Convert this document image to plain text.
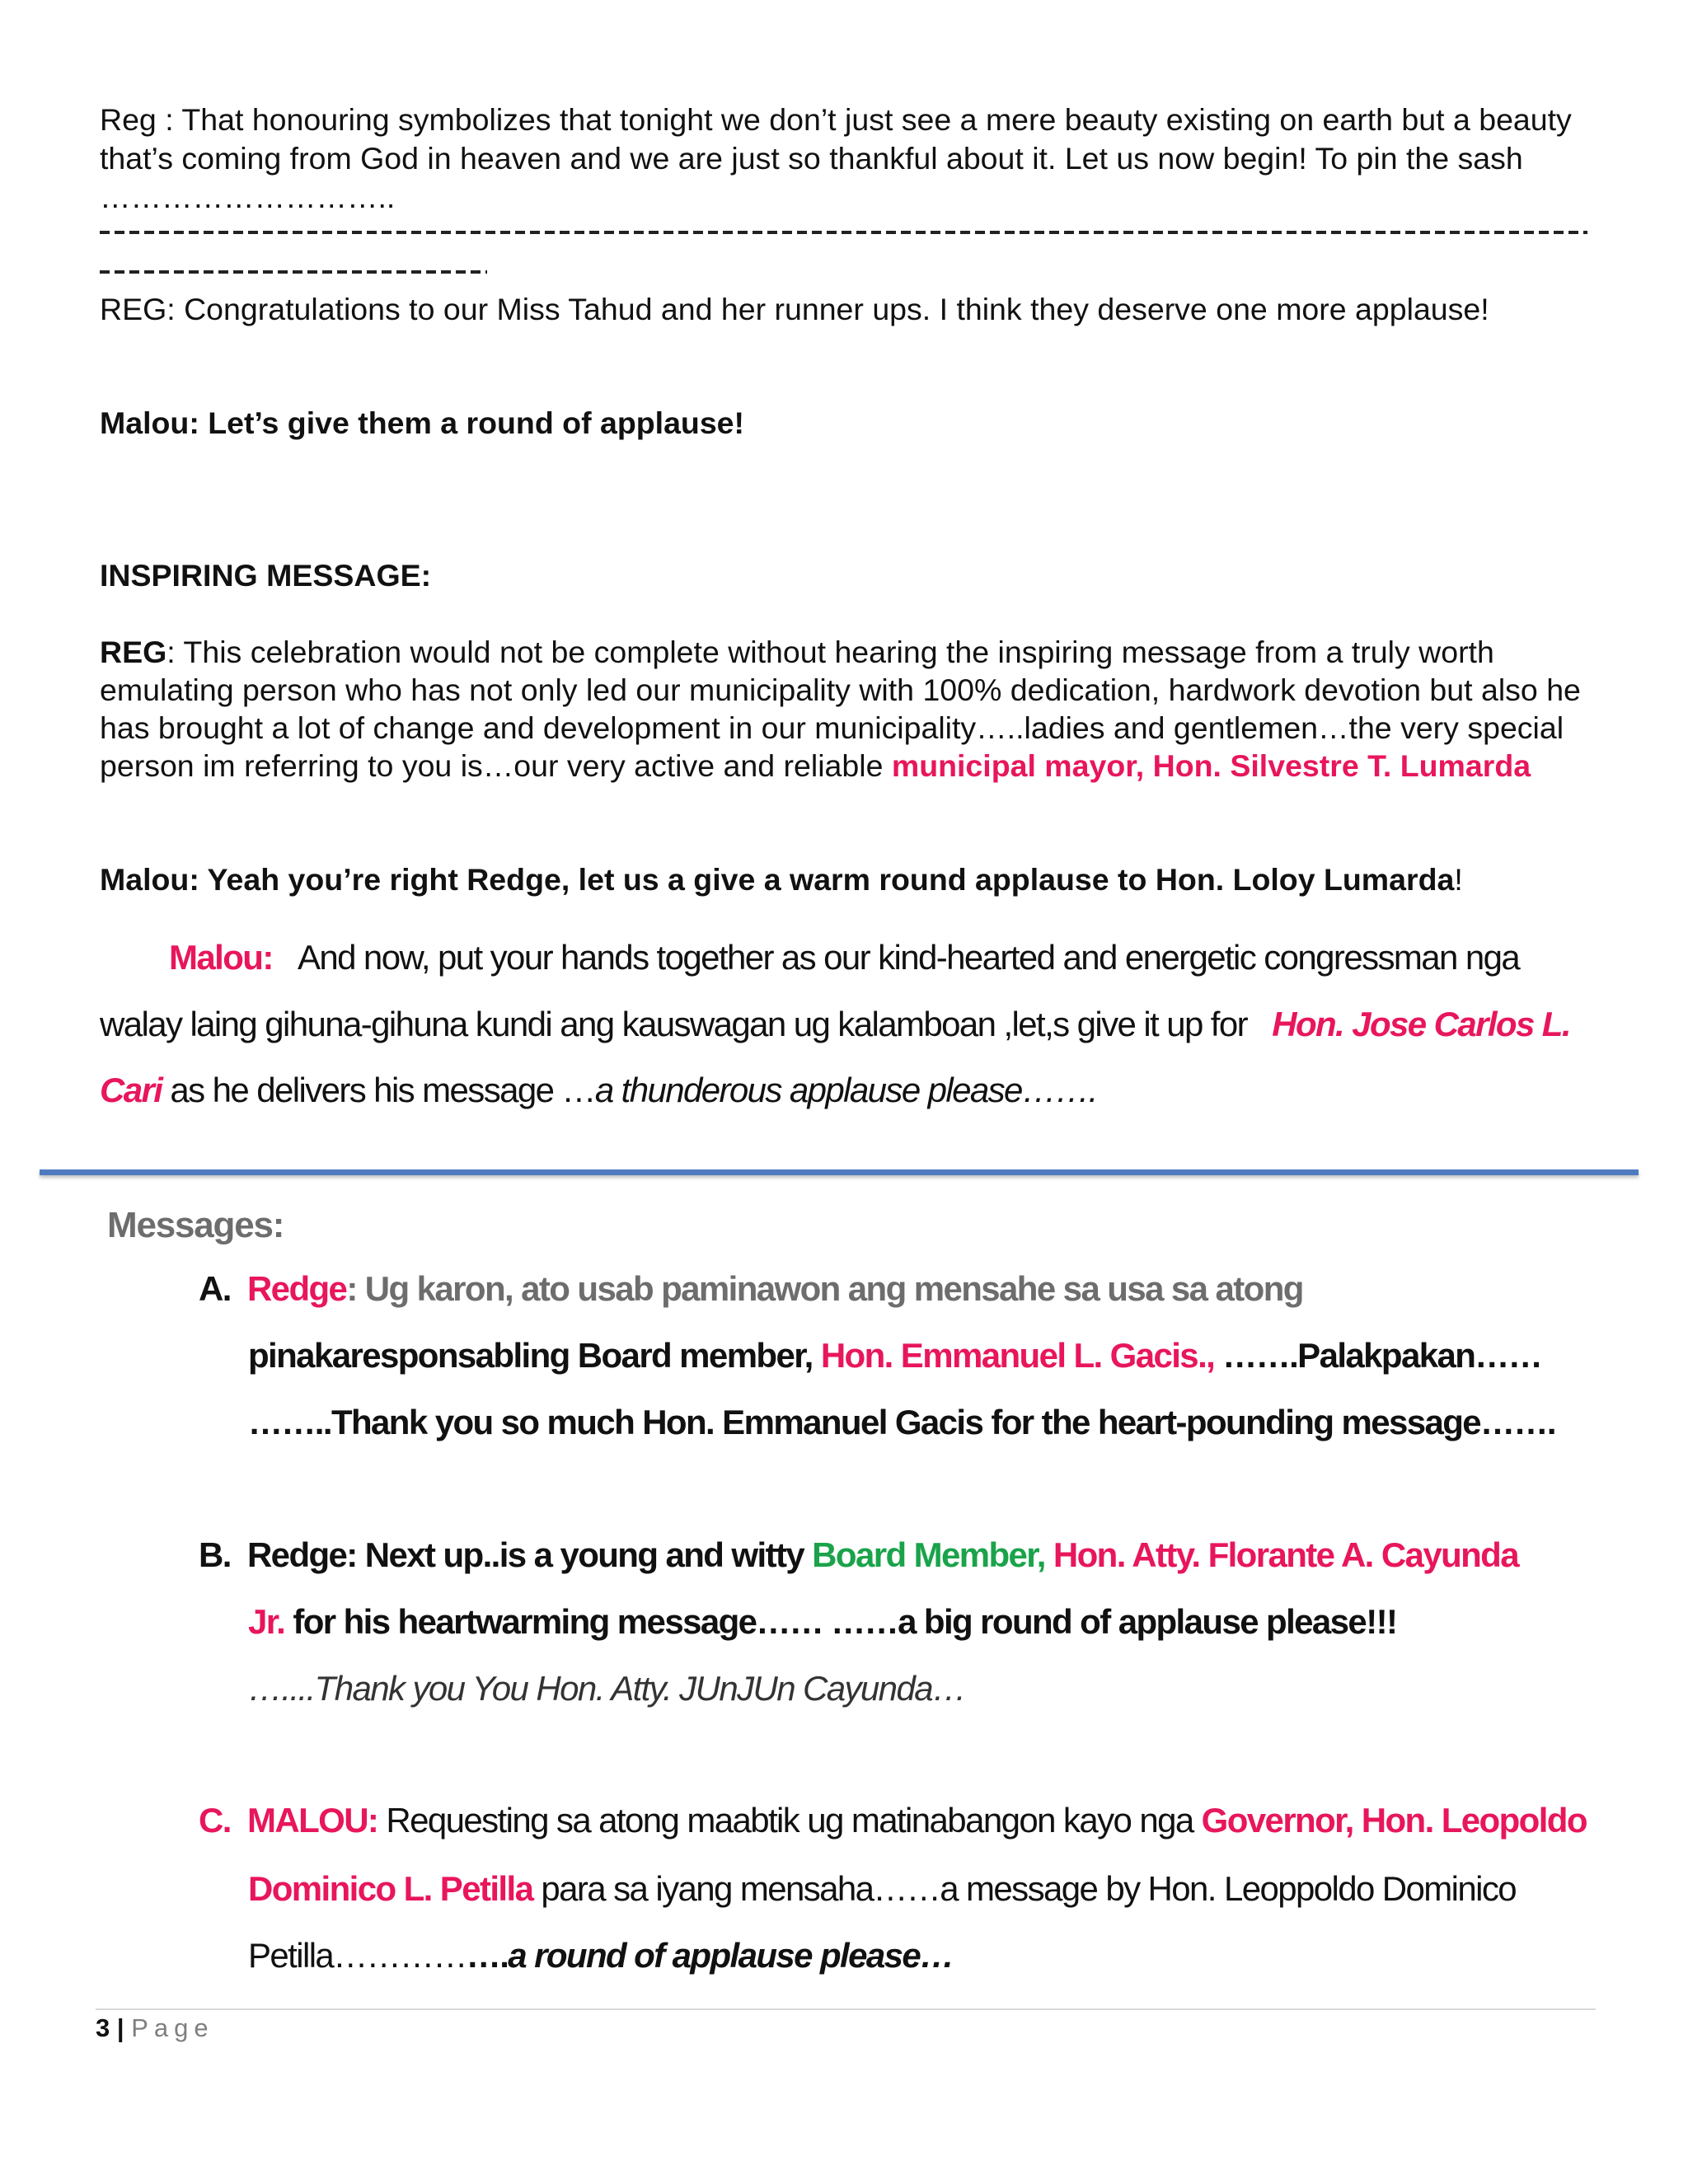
Reg : That honouring symbolizes that tonight we don’t just see a mere beauty existing on earth but a beauty that’s coming from God in heaven and we are just so thankful about it. Let us now begin! To pin the sash ………………………..

REG: Congratulations to our Miss Tahud and her runner ups. I think they deserve one more applause!

Malou: Let’s give them a round of applause!

INSPIRING MESSAGE:

REG: This celebration would not be complete without hearing the inspiring message from a truly worth emulating person who has not only led our municipality with 100% dedication, hardwork devotion but also he has brought a lot of change and development in our municipality…..ladies and gentlemen…the very special person im referring to you is…our very active and reliable municipal mayor, Hon. Silvestre T. Lumarda

Malou: Yeah you’re right Redge, let us a give a warm round applause to Hon. Loloy Lumarda!

Malou: And now, put your hands together as our kind-hearted and energetic congressman nga

walay laing gihuna-gihuna kundi ang kauswagan ug kalamboan ,let,s give it up for Hon. Jose Carlos L.

Cari as he delivers his message …a thunderous applause please…….

Messages:

A. Redge: Ug karon, ato usab paminawon ang mensahe sa usa sa atong

pinakaresponsabling Board member, Hon. Emmanuel L. Gacis., …….Palakpakan……

……..Thank you so much Hon. Emmanuel Gacis for the heart-pounding message…….

B. Redge: Next up..is a young and witty Board Member, Hon. Atty. Florante A. Cayunda

Jr. for his heartwarming message…… ……a big round of applause please!!!

…....Thank you You Hon. Atty. JUnJUn Cayunda…

C. MALOU: Requesting sa atong maabtik ug matinabangon kayo nga Governor, Hon. Leopoldo

Dominico L. Petilla para sa iyang mensaha……a message by Hon. Leoppoldo Dominico

Petilla…………….a round of applause please…

3 | Page
